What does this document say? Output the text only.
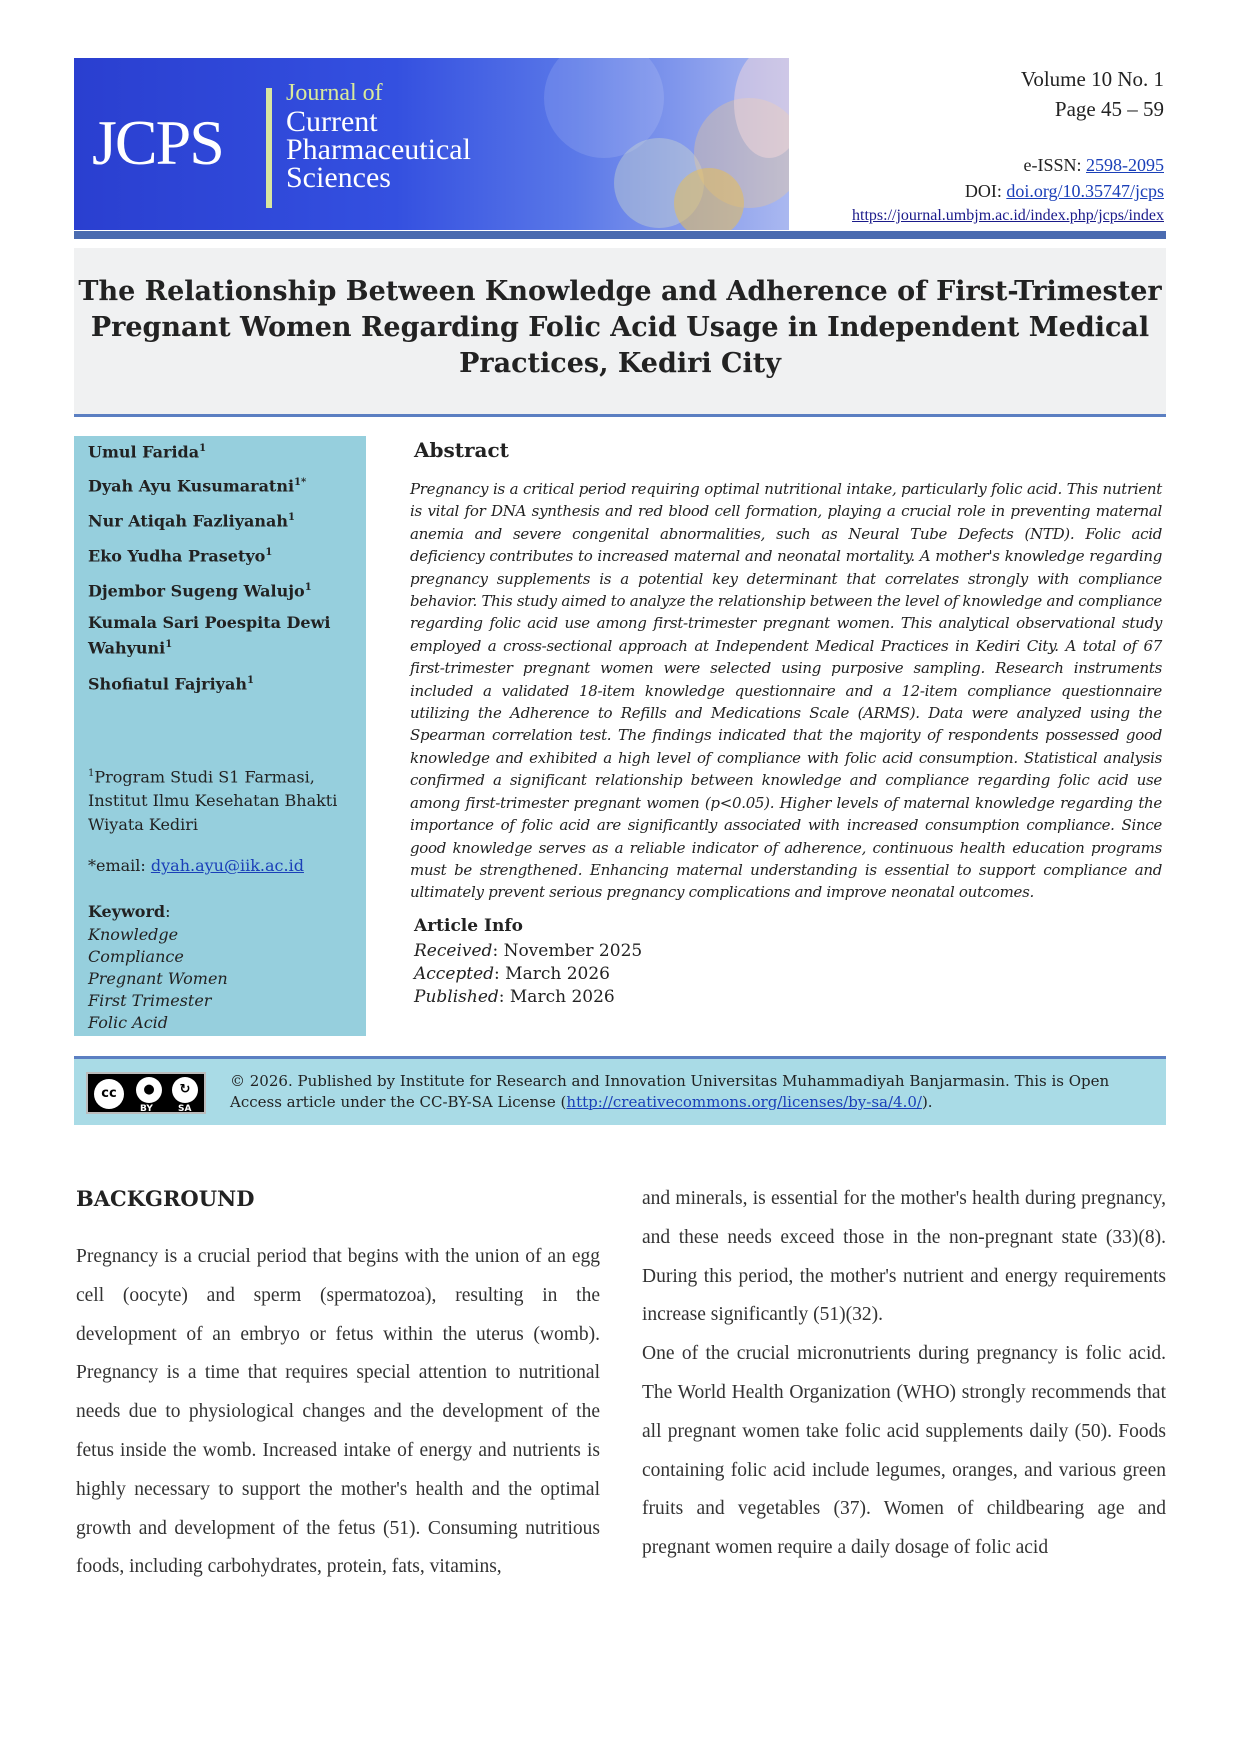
JCPS
Journal of
Current
Pharmaceutical
Sciences
Volume 10 No. 1
Page 45 – 59
e-ISSN: 2598-2095
DOI: doi.org/10.35747/jcps
https://journal.umbjm.ac.id/index.php/jcps/index
The Relationship Between Knowledge and Adherence of First-Trimester Pregnant Women Regarding Folic Acid Usage in Independent Medical Practices, Kediri City
Umul Farida$^1$
Dyah Ayu Kusumaratni$^{1*}$
Nur Atiqah Fazliyanah$^1$
Eko Yudha Prasetyo$^1$
Djembor Sugeng Walujo$^1$
Kumala Sari Poespita Dewi Wahyuni$^1$
Shofiatul Fajriyah$^1$
$^1$Program Studi S1 Farmasi, Institut Ilmu Kesehatan Bhakti Wiyata Kediri
*email: dyah.ayu@iik.ac.id
Keyword:
Knowledge
Compliance
Pregnant Women
First Trimester
Folic Acid
Abstract
Pregnancy is a critical period requiring optimal nutritional intake, particularly folic acid. This nutrient is vital for DNA synthesis and red blood cell formation, playing a crucial role in preventing maternal anemia and severe congenital abnormalities, such as Neural Tube Defects (NTD). Folic acid deficiency contributes to increased maternal and neonatal mortality. A mother's knowledge regarding pregnancy supplements is a potential key determinant that correlates strongly with compliance behavior. This study aimed to analyze the relationship between the level of knowledge and compliance regarding folic acid use among first-trimester pregnant women. This analytical observational study employed a cross-sectional approach at Independent Medical Practices in Kediri City. A total of 67 first-trimester pregnant women were selected using purposive sampling. Research instruments included a validated 18-item knowledge questionnaire and a 12-item compliance questionnaire utilizing the Adherence to Refills and Medications Scale (ARMS). Data were analyzed using the Spearman correlation test. The findings indicated that the majority of respondents possessed good knowledge and exhibited a high level of compliance with folic acid consumption. Statistical analysis confirmed a significant relationship between knowledge and compliance regarding folic acid use among first-trimester pregnant women (p<0.05). Higher levels of maternal knowledge regarding the importance of folic acid are significantly associated with increased consumption compliance. Since good knowledge serves as a reliable indicator of adherence, continuous health education programs must be strengthened. Enhancing maternal understanding is essential to support compliance and ultimately prevent serious pregnancy complications and improve neonatal outcomes.
Article Info
Received: November 2025
Accepted: March 2026
Published: March 2026
cc	●	↻
BY	SA
© 2026. Published by Institute for Research and Innovation Universitas Muhammadiyah Banjarmasin. This is Open Access article under the CC-BY-SA License (http://creativecommons.org/licenses/by-sa/4.0/).
BACKGROUND

Pregnancy is a crucial period that begins with the union of an egg cell (oocyte) and sperm (spermatozoa), resulting in the development of an embryo or fetus within the uterus (womb). Pregnancy is a time that requires special attention to nutritional needs due to physiological changes and the development of the fetus inside the womb. Increased intake of energy and nutrients is highly necessary to support the mother's health and the optimal growth and development of the fetus (51). Consuming nutritious foods, including carbohydrates, protein, fats, vitamins,

and minerals, is essential for the mother's health during pregnancy, and these needs exceed those in the non-pregnant state (33)(8). During this period, the mother's nutrient and energy requirements increase significantly (51)(32).

One of the crucial micronutrients during pregnancy is folic acid. The World Health Organization (WHO) strongly recommends that all pregnant women take folic acid supplements daily (50). Foods containing folic acid include legumes, oranges, and various green fruits and vegetables (37). Women of childbearing age and pregnant women require a daily dosage of folic acid
